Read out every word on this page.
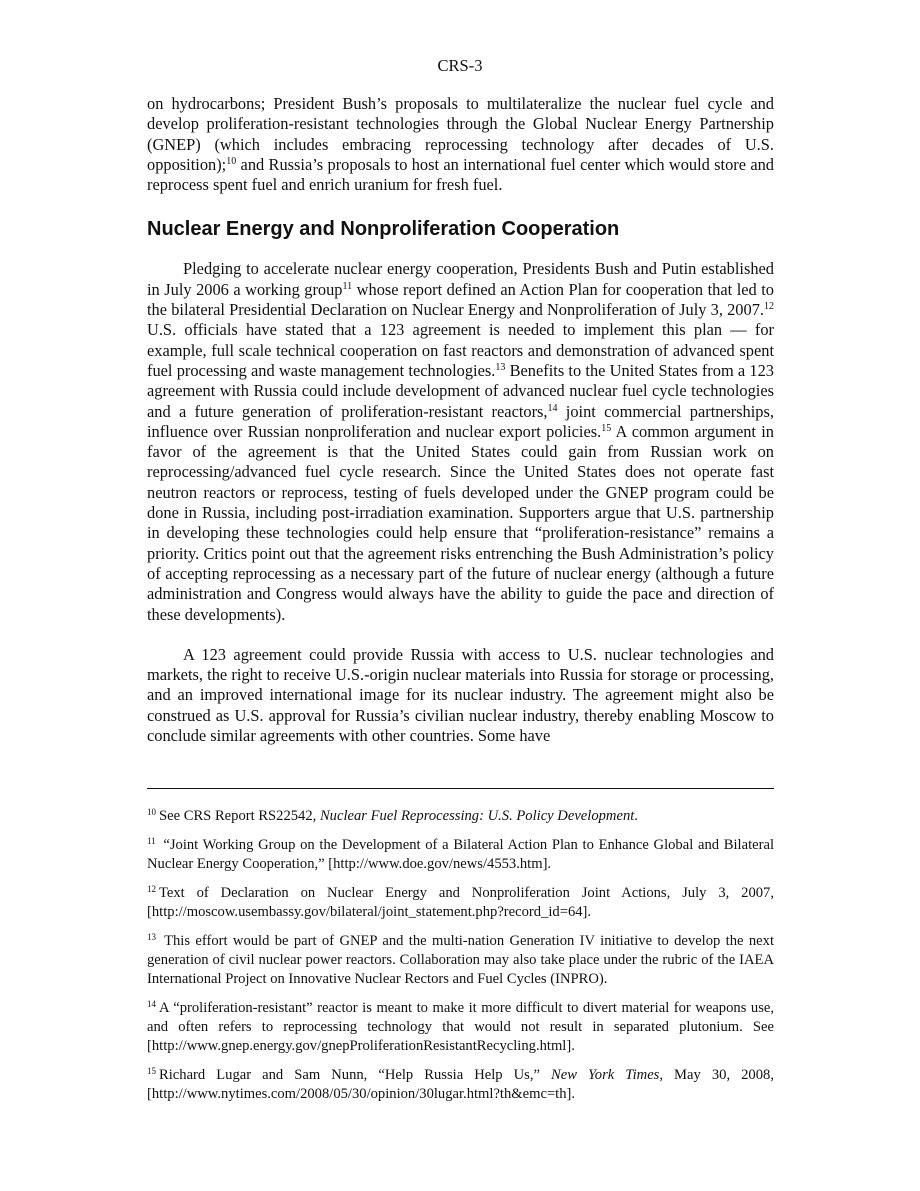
CRS-3

on hydrocarbons; President Bush’s proposals to multilateralize the nuclear fuel cycle and develop proliferation-resistant technologies through the Global Nuclear Energy Partnership (GNEP) (which includes embracing reprocessing technology after decades of U.S. opposition);$^{10}$ and Russia’s proposals to host an international fuel center which would store and reprocess spent fuel and enrich uranium for fresh fuel.

Nuclear Energy and Nonproliferation Cooperation

Pledging to accelerate nuclear energy cooperation, Presidents Bush and Putin established in July 2006 a working group$^{11}$ whose report defined an Action Plan for cooperation that led to the bilateral Presidential Declaration on Nuclear Energy and Nonproliferation of July 3, 2007.12 U.S. officials have stated that a 123 agreement is needed to implement this plan — for example, full scale technical cooperation on fast reactors and demonstration of advanced spent fuel processing and waste management technologies.$^{13}$ Benefits to the United States from a 123 agreement with Russia could include development of advanced nuclear fuel cycle technologies and a future generation of proliferation-resistant reactors,$^{14}$ joint commercial partnerships, influence over Russian nonproliferation and nuclear export policies.$^{15}$ A common argument in favor of the agreement is that the United States could gain from Russian work on reprocessing/advanced fuel cycle research. Since the United States does not operate fast neutron reactors or reprocess, testing of fuels developed under the GNEP program could be done in Russia, including post-irradiation examination. Supporters argue that U.S. partnership in developing these technologies could help ensure that “proliferation-resistance” remains a priority. Critics point out that the agreement risks entrenching the Bush Administration’s policy of accepting reprocessing as a necessary part of the future of nuclear energy (although a future administration and Congress would always have the ability to guide the pace and direction of these developments).

A 123 agreement could provide Russia with access to U.S. nuclear technologies and markets, the right to receive U.S.-origin nuclear materials into Russia for storage or processing, and an improved international image for its nuclear industry. The agreement might also be construed as U.S. approval for Russia’s civilian nuclear industry, thereby enabling Moscow to conclude similar agreements with other countries. Some have

$^{10}$ See CRS Report RS22542, Nuclear Fuel Reprocessing: U.S. Policy Development.

$^{11}$ “Joint Working Group on the Development of a Bilateral Action Plan to Enhance Global and Bilateral Nuclear Energy Cooperation,” [http://www.doe.gov/news/4553.htm].

$^{12}$ Text of Declaration on Nuclear Energy and Nonproliferation Joint Actions, July 3, 2007, [http://moscow.usembassy.gov/bilateral/joint_statement.php?record_id=64].

$^{13}$ This effort would be part of GNEP and the multi-nation Generation IV initiative to develop the next generation of civil nuclear power reactors. Collaboration may also take place under the rubric of the IAEA International Project on Innovative Nuclear Rectors and Fuel Cycles (INPRO).

$^{14}$ A “proliferation-resistant” reactor is meant to make it more difficult to divert material for weapons use, and often refers to reprocessing technology that would not result in separated plutonium. See [http://www.gnep.energy.gov/gnepProliferationResistantRecycling.html].

$^{15}$ Richard Lugar and Sam Nunn, “Help Russia Help Us,” New York Times, May 30, 2008, [http://www.nytimes.com/2008/05/30/opinion/30lugar.html?th&emc=th].
